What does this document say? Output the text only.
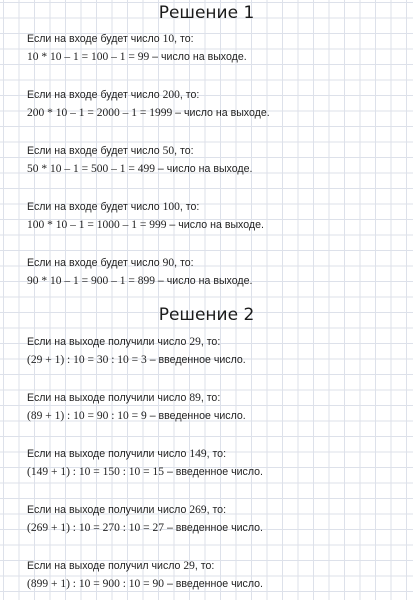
Решение 1
Если на входе будет число 10, то:
10 * 10 – 1 = 100 – 1 = 99 – число на выходе.
Если на входе будет число 200, то:
200 * 10 – 1 = 2000 – 1 = 1999 – число на выходе.
Если на входе будет число 50, то:
50 * 10 – 1 = 500 – 1 = 499 – число на выходе.
Если на входе будет число 100, то:
100 * 10 – 1 = 1000 – 1 = 999 – число на выходе.
Если на входе будет число 90, то:
90 * 10 – 1 = 900 – 1 = 899 – число на выходе.
Решение 2
Если на выходе получили число 29, то:
(29 + 1) : 10 = 30 : 10 = 3 – введенное число.
Если на выходе получили число 89, то:
(89 + 1) : 10 = 90 : 10 = 9 – введенное число.
Если на выходе получили число 149, то:
(149 + 1) : 10 = 150 : 10 = 15 – введенное число.
Если на выходе получили число 269, то:
(269 + 1) : 10 = 270 : 10 = 27 – введенное число.
Если на выходе получил число 29, то:
(899 + 1) : 10 = 900 : 10 = 90 – введенное число.
